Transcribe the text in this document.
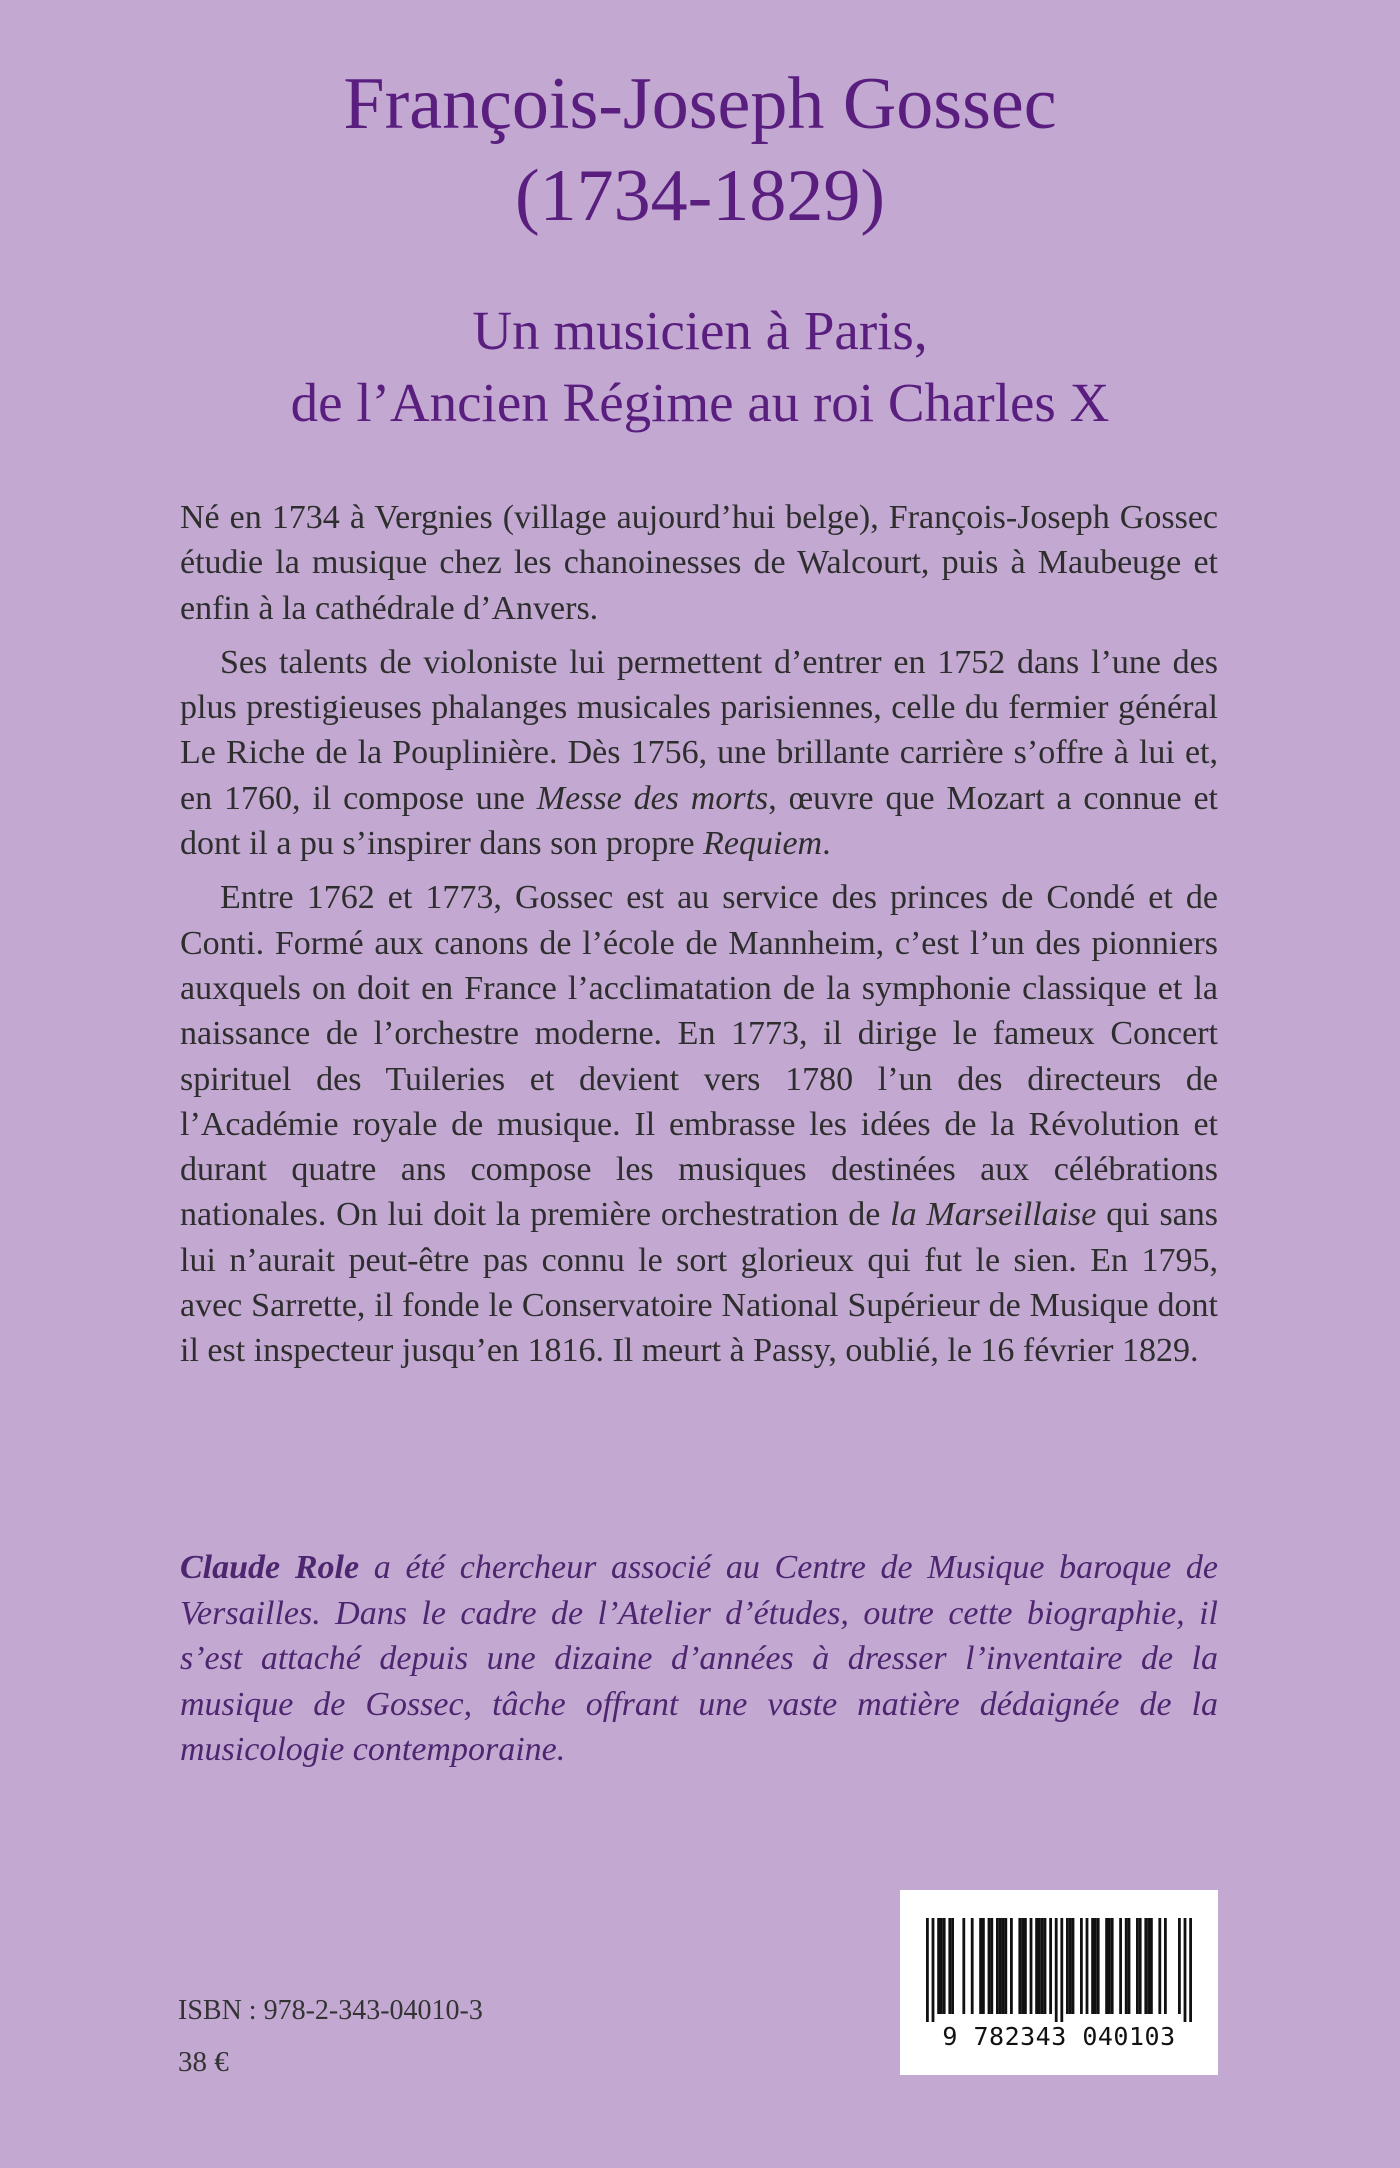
François-Joseph Gossec
(1734-1829)
Un musicien à Paris,
de l’Ancien Régime au roi Charles X

Né en 1734 à Vergnies (village aujourd’hui belge), François-Joseph Gossec étudie la musique chez les chanoinesses de Walcourt, puis à Maubeuge et enfin à la cathédrale d’Anvers.

Ses talents de violoniste lui permettent d’entrer en 1752 dans l’une des plus prestigieuses phalanges musicales parisiennes, celle du fermier général Le Riche de la Pouplinière. Dès 1756, une brillante carrière s’offre à lui et, en 1760, il compose une Messe des morts, œuvre que Mozart a connue et dont il a pu s’inspirer dans son propre Requiem.

Entre 1762 et 1773, Gossec est au service des princes de Condé et de Conti. Formé aux canons de l’école de Mannheim, c’est l’un des pionniers auxquels on doit en France l’acclimatation de la symphonie classique et la naissance de l’orchestre moderne. En 1773, il dirige le fameux Concert spirituel des Tuileries et devient vers 1780 l’un des directeurs de l’Académie royale de musique. Il embrasse les idées de la Révolution et durant quatre ans compose les musiques destinées aux célébrations nationales. On lui doit la première orchestration de la Marseillaise qui sans lui n’aurait peut-être pas connu le sort glorieux qui fut le sien. En 1795, avec Sarrette, il fonde le Conservatoire National Supérieur de Musique dont il est inspecteur jusqu’en 1816. Il meurt à Passy, oublié, le 16 février 1829.

Claude Role a été chercheur associé au Centre de Musique baroque de Versailles. Dans le cadre de l’Atelier d’études, outre cette biographie, il s’est attaché depuis une dizaine d’années à dresser l’inventaire de la musique de Gossec, tâche offrant une vaste matière dédaignée de la musicologie contemporaine.
ISBN : 978-2-343-04010-3
38 €
9 782343 040103
